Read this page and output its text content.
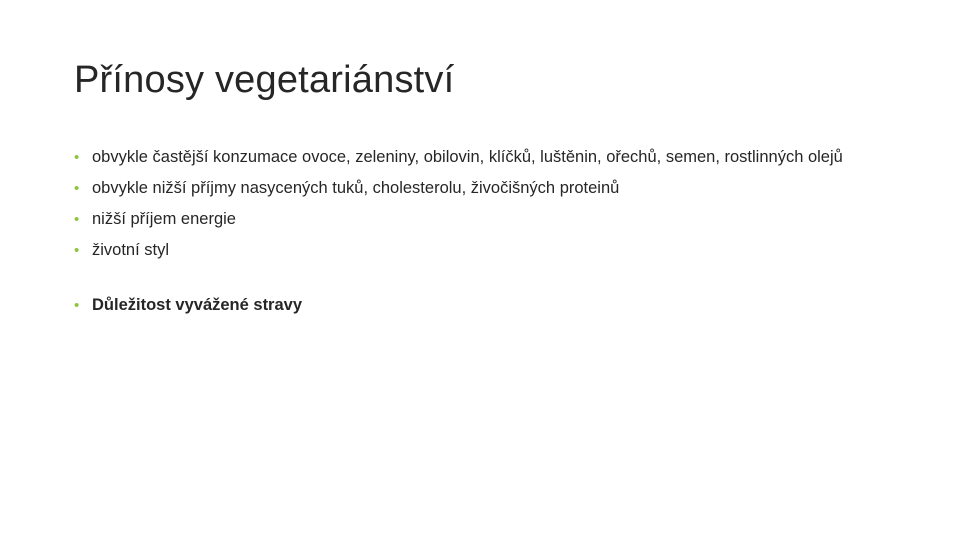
Přínosy vegetariánství
• obvykle častější konzumace ovoce, zeleniny, obilovin, klíčků, luštěnin, ořechů, semen, rostlinných olejů
• obvykle nižší příjmy nasycených tuků, cholesterolu, živočišných proteinů
• nižší příjem energie
• životní styl
• Důležitost vyvážené stravy
